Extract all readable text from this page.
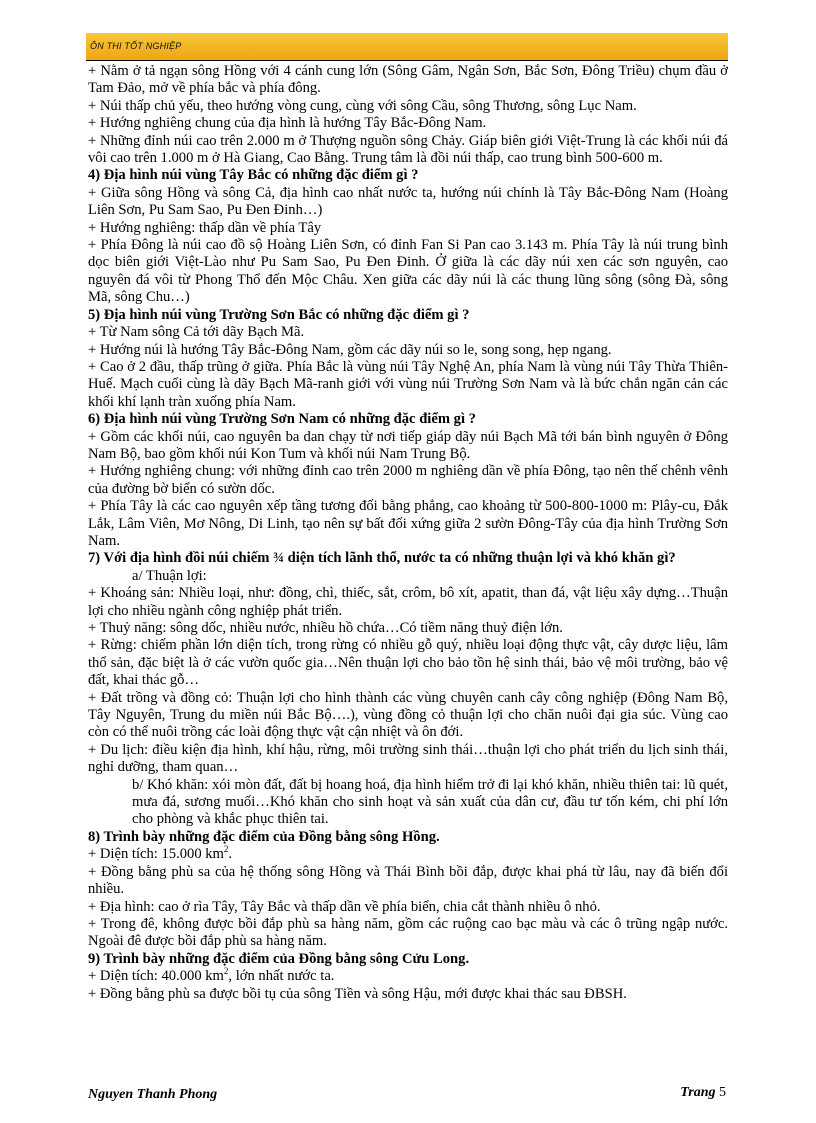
ÔN THI TỐT NGHIỆP

+ Nằm ở tả ngạn sông Hồng với 4 cánh cung lớn (Sông Gâm, Ngân Sơn, Bắc Sơn, Đông Triều) chụm đầu ở Tam Đảo, mở về phía bắc và phía đông.

+ Núi thấp chủ yếu, theo hướng vòng cung, cùng với sông Cầu, sông Thương, sông Lục Nam.

+ Hướng nghiêng chung của địa hình là hướng Tây Bắc-Đông Nam.

+ Những đỉnh núi cao trên 2.000 m ở Thượng nguồn sông Chảy. Giáp biên giới Việt-Trung là các khối núi đá vôi cao trên 1.000 m ở Hà Giang, Cao Bằng. Trung tâm là đồi núi thấp, cao trung bình 500-600 m.

4) Địa hình núi vùng Tây Bắc có những đặc điểm gì ?

+ Giữa sông Hồng và sông Cả, địa hình cao nhất nước ta, hướng núi chính là Tây Bắc-Đông Nam (Hoàng Liên Sơn, Pu Sam Sao, Pu Đen Đinh…)

+ Hướng nghiêng: thấp dần về phía Tây

+ Phía Đông là núi cao đồ sộ Hoàng Liên Sơn, có đỉnh Fan Si Pan cao 3.143 m. Phía Tây là núi trung bình dọc biên giới Việt-Lào như Pu Sam Sao, Pu Đen Đinh. Ở giữa là các dãy núi xen các sơn nguyên, cao nguyên đá vôi từ Phong Thổ đến Mộc Châu. Xen giữa các dãy núi là các thung lũng sông (sông Đà, sông Mã, sông Chu…)

5) Địa hình núi vùng Trường Sơn Bắc có những đặc điểm gì ?

+ Từ Nam sông Cả tới dãy Bạch Mã.

+ Hướng núi là hướng Tây Bắc-Đông Nam, gồm các dãy núi so le, song song, hẹp ngang.

+ Cao ở 2 đầu, thấp trũng ở giữa. Phía Bắc là vùng núi Tây Nghệ An, phía Nam là vùng núi Tây Thừa Thiên-Huế. Mạch cuối cùng là dãy Bạch Mã-ranh giới với vùng núi Trường Sơn Nam và là bức chắn ngăn cản các khối khí lạnh tràn xuống phía Nam.

6) Địa hình núi vùng Trường Sơn Nam có những đặc điểm gì ?

+ Gồm các khối núi, cao nguyên ba dan chạy từ nơi tiếp giáp dãy núi Bạch Mã tới bán bình nguyên ở Đông Nam Bộ, bao gồm khối núi Kon Tum và khối núi Nam Trung Bộ.

+ Hướng nghiêng chung: với những đỉnh cao trên 2000 m nghiêng dần về phía Đông, tạo nên thế chênh vênh của đường bờ biển có sườn dốc.

+ Phía Tây là các cao nguyên xếp tầng tương đối bằng phẳng, cao khoảng từ 500-800-1000 m: Plây-cu, Đắk Lắk, Lâm Viên, Mơ Nông, Di Linh, tạo nên sự bất đối xứng giữa 2 sườn Đông-Tây của địa hình Trường Sơn Nam.

7) Với địa hình đồi núi chiếm ¾ diện tích lãnh thổ, nước ta có những thuận lợi và khó khăn gì?

a/ Thuận lợi:

+ Khoáng sản: Nhiều loại, như: đồng, chì, thiếc, sắt, crôm, bô xít, apatit, than đá, vật liệu xây dựng…Thuận lợi cho nhiều ngành công nghiệp phát triển.

+ Thuỷ năng: sông dốc, nhiều nước, nhiều hồ chứa…Có tiềm năng thuỷ điện lớn.

+ Rừng: chiếm phần lớn diện tích, trong rừng có nhiều gỗ quý, nhiều loại động thực vật, cây dược liệu, lâm thổ sản, đặc biệt là ở các vườn quốc gia…Nên thuận lợi cho bảo tồn hệ sinh thái, bảo vệ môi trường, bảo vệ đất, khai thác gỗ…

+ Đất trồng và đồng cỏ: Thuận lợi cho hình thành các vùng chuyên canh cây công nghiệp (Đông Nam Bộ, Tây Nguyên, Trung du miền núi Bắc Bộ….), vùng đồng cỏ thuận lợi cho chăn nuôi đại gia súc. Vùng cao còn có thể nuôi trồng các loài động thực vật cận nhiệt và ôn đới.

+ Du lịch: điều kiện địa hình, khí hậu, rừng, môi trường sinh thái…thuận lợi cho phát triển du lịch sinh thái, nghỉ dưỡng, tham quan…

b/ Khó khăn: xói mòn đất, đất bị hoang hoá, địa hình hiểm trở đi lại khó khăn, nhiều thiên tai: lũ quét, mưa đá, sương muối…Khó khăn cho sinh hoạt và sản xuất của dân cư, đầu tư tốn kém, chi phí lớn cho phòng và khắc phục thiên tai.

8) Trình bày những đặc điểm của Đồng bằng sông Hồng.

+ Diện tích: 15.000 $km^2$.

+ Đồng bằng phù sa của hệ thống sông Hồng và Thái Bình bồi đắp, được khai phá từ lâu, nay đã biến đổi nhiều.

+ Địa hình: cao ở rìa Tây, Tây Bắc và thấp dần về phía biển, chia cắt thành nhiều ô nhỏ.

+ Trong đê, không được bồi đắp phù sa hàng năm, gồm các ruộng cao bạc màu và các ô trũng ngập nước. Ngoài đê được bồi đắp phù sa hàng năm.

9) Trình bày những đặc điểm của Đồng bằng sông Cửu Long.

+ Diện tích: 40.000 $km^2$, lớn nhất nước ta.

+ Đồng bằng phù sa được bồi tụ của sông Tiền và sông Hậu, mới được khai thác sau ĐBSH.

Nguyen Thanh Phong	Trang 5
